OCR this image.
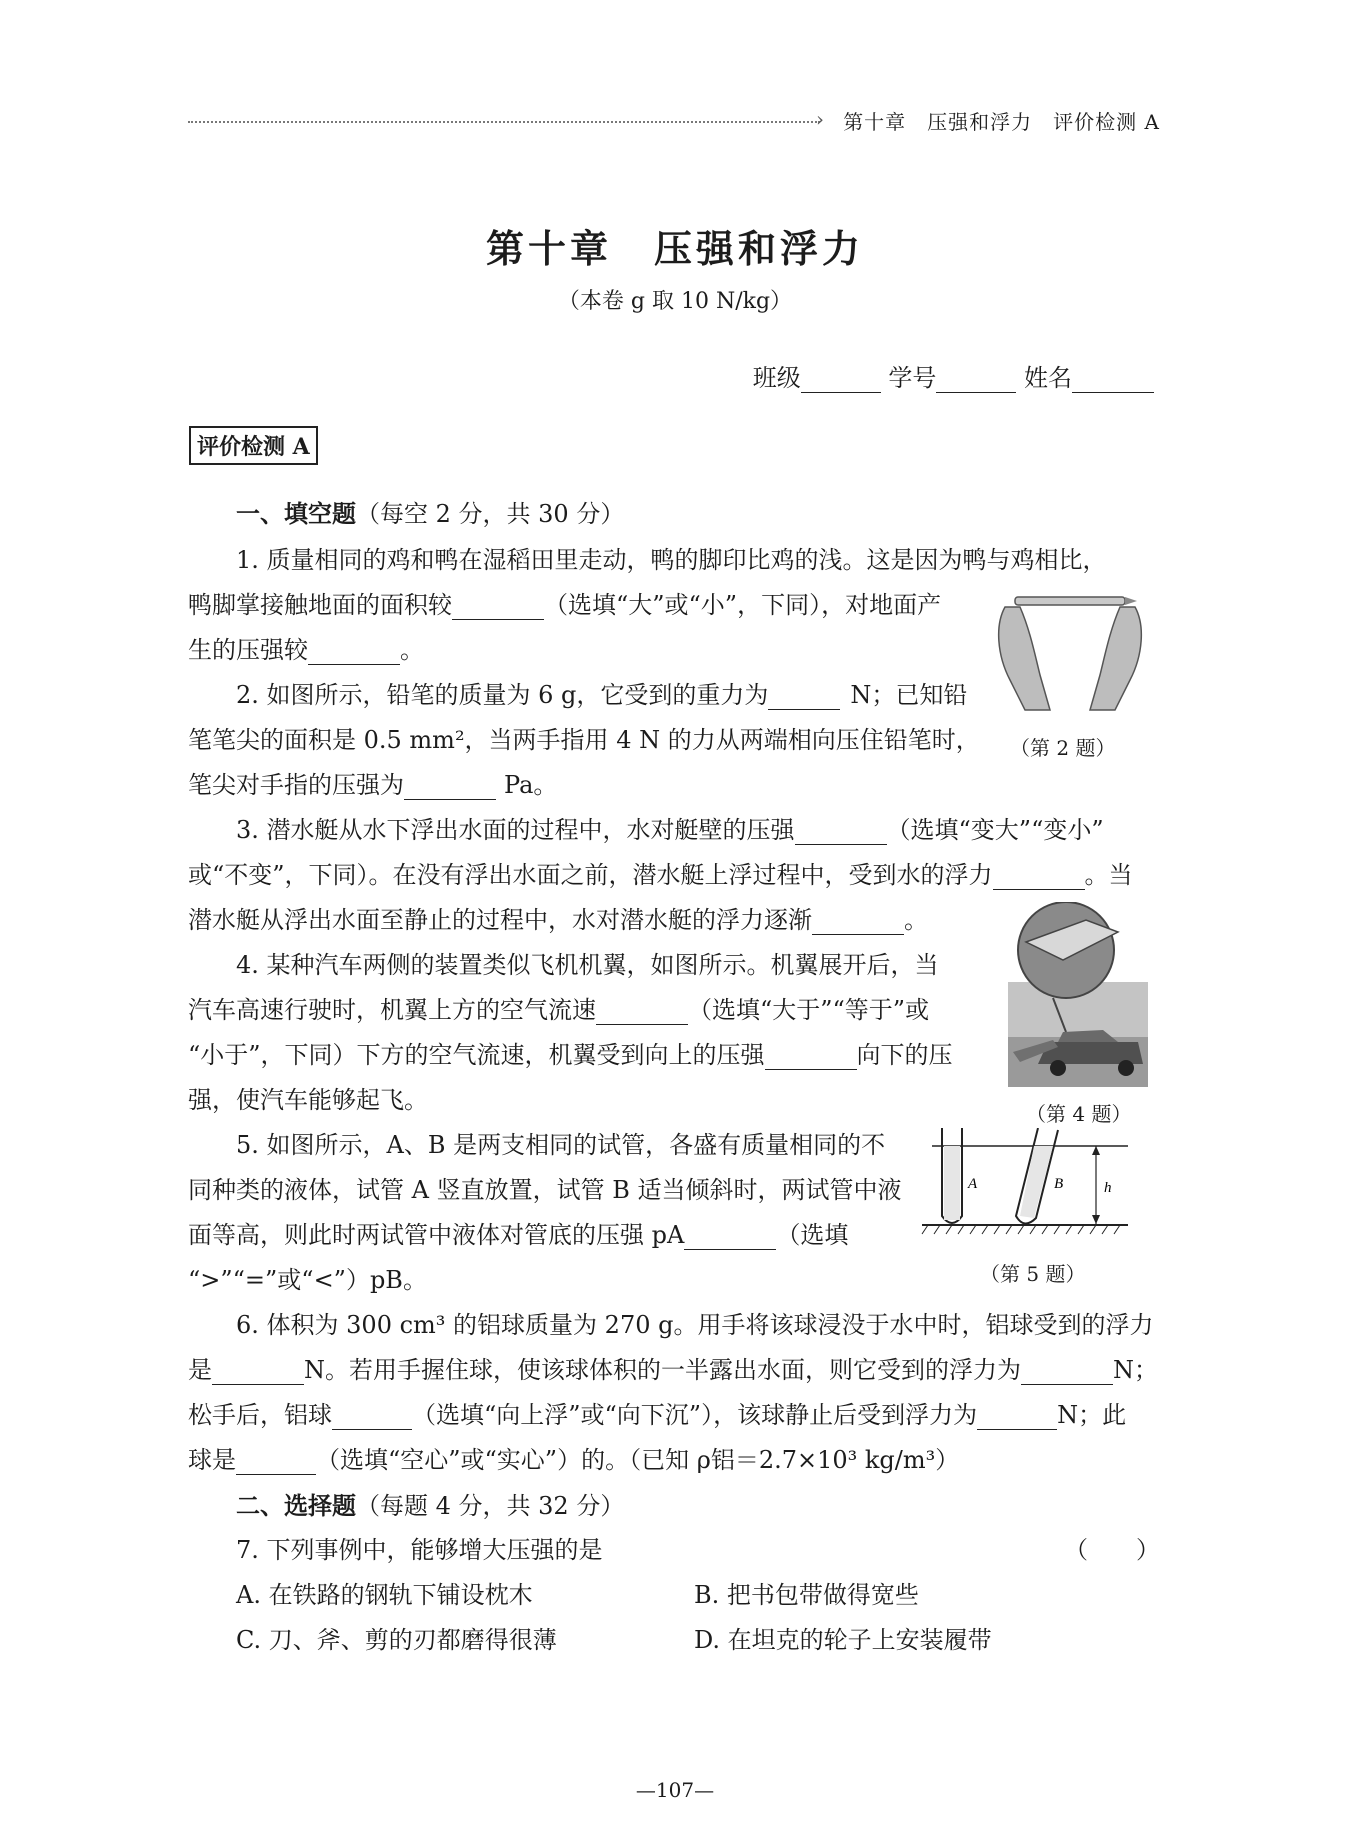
› 第十章　压强和浮力　评价检测 A
第十章　压强和浮力
（本卷 g 取 10 N/kg）
班级	学号	姓名
评价检测 A
一、填空题（每空 2 分，共 30 分）
1. 质量相同的鸡和鸭在湿稻田里走动，鸭的脚印比鸡的浅。这是因为鸭与鸡相比，
鸭脚掌接触地面的面积较	（选填“大”或“小”，下同），对地面产
生的压强较	。
2. 如图所示，铅笔的质量为 6 g，它受到的重力为	N；已知铅
笔笔尖的面积是 0.5 mm²，当两手指用 4 N 的力从两端相向压住铅笔时， （第 2 题）
笔尖对手指的压强为	Pa。
3. 潜水艇从水下浮出水面的过程中，水对艇壁的压强	（选填“变大”“变小”
或“不变”，下同）。在没有浮出水面之前，潜水艇上浮过程中，受到水的浮力	。当
潜水艇从浮出水面至静止的过程中，水对潜水艇的浮力逐渐	。
4. 某种汽车两侧的装置类似飞机机翼，如图所示。机翼展开后，当
汽车高速行驶时，机翼上方的空气流速	（选填“大于”“等于”或
“小于”，下同）下方的空气流速，机翼受到向上的压强	向下的压
强，使汽车能够起飞。	（第 4 题）
A	B	h
5. 如图所示，A、B 是两支相同的试管，各盛有质量相同的不
同种类的液体，试管 A 竖直放置，试管 B 适当倾斜时，两试管中液
面等高，则此时两试管中液体对管底的压强 pA	（选填
“>”“=”或“<”）pB。	（第 5 题）
6. 体积为 300 cm³ 的铝球质量为 270 g。用手将该球浸没于水中时，铝球受到的浮力
是	N。若用手握住球，使该球体积的一半露出水面，则它受到的浮力为	N；
松手后，铝球	（选填“向上浮”或“向下沉”），该球静止后受到浮力为	N；此
球是	（选填“空心”或“实心”）的。（已知 ρ铝＝2.7×10³ kg/m³）
二、选择题（每题 4 分，共 32 分）
7. 下列事例中，能够增大压强的是	（　　）
A. 在铁路的钢轨下铺设枕木	B. 把书包带做得宽些
C. 刀、斧、剪的刃都磨得很薄	D. 在坦克的轮子上安装履带
—107—
